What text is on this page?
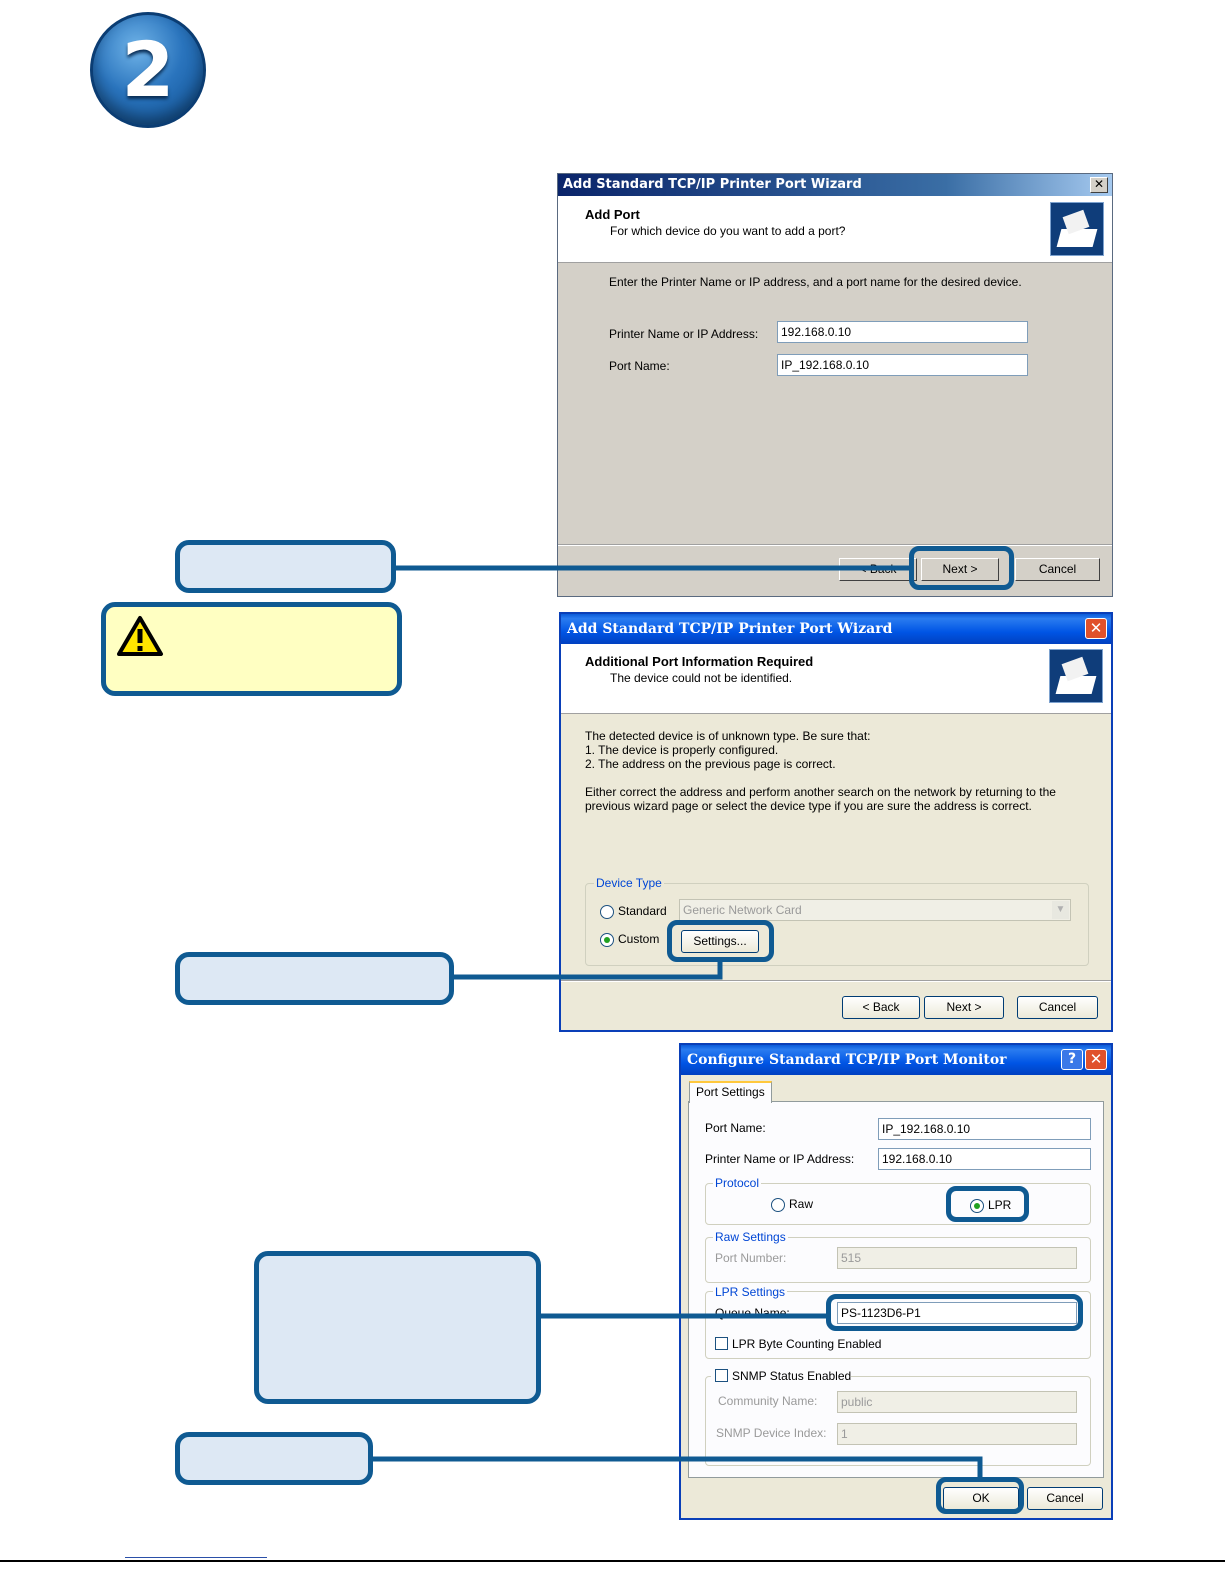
2
Add Standard TCP/IP Printer Port Wizard	✕
Add Port
For which device do you want to add a port?
Enter the Printer Name or IP address, and a port name for the desired device.
Printer Name or IP Address:	192.168.0.10
Port Name:	IP_192.168.0.10
< Back	Next >	Cancel
Add Standard TCP/IP Printer Port Wizard	✕
Additional Port Information Required
The device could not be identified.
The detected device is of unknown type. Be sure that:
1. The device is properly configured.
2. The address on the previous page is correct.
Either correct the address and perform another search on the network by returning to the
previous wizard page or select the device type if you are sure the address is correct.
Device Type
Standard	Generic Network Card	▼
Custom	Settings...
< Back	Next >	Cancel
Configure Standard TCP/IP Port Monitor	? ✕
Port Settings
Port Name:	IP_192.168.0.10
Printer Name or IP Address:	192.168.0.10
Protocol
Raw	LPR
Raw Settings
Port Number:	515
LPR Settings
Queue Name:	PS-1123D6-P1
LPR Byte Counting Enabled
SNMP Status Enabled
Community Name:	public
SNMP Device Index:	1
OK	Cancel
